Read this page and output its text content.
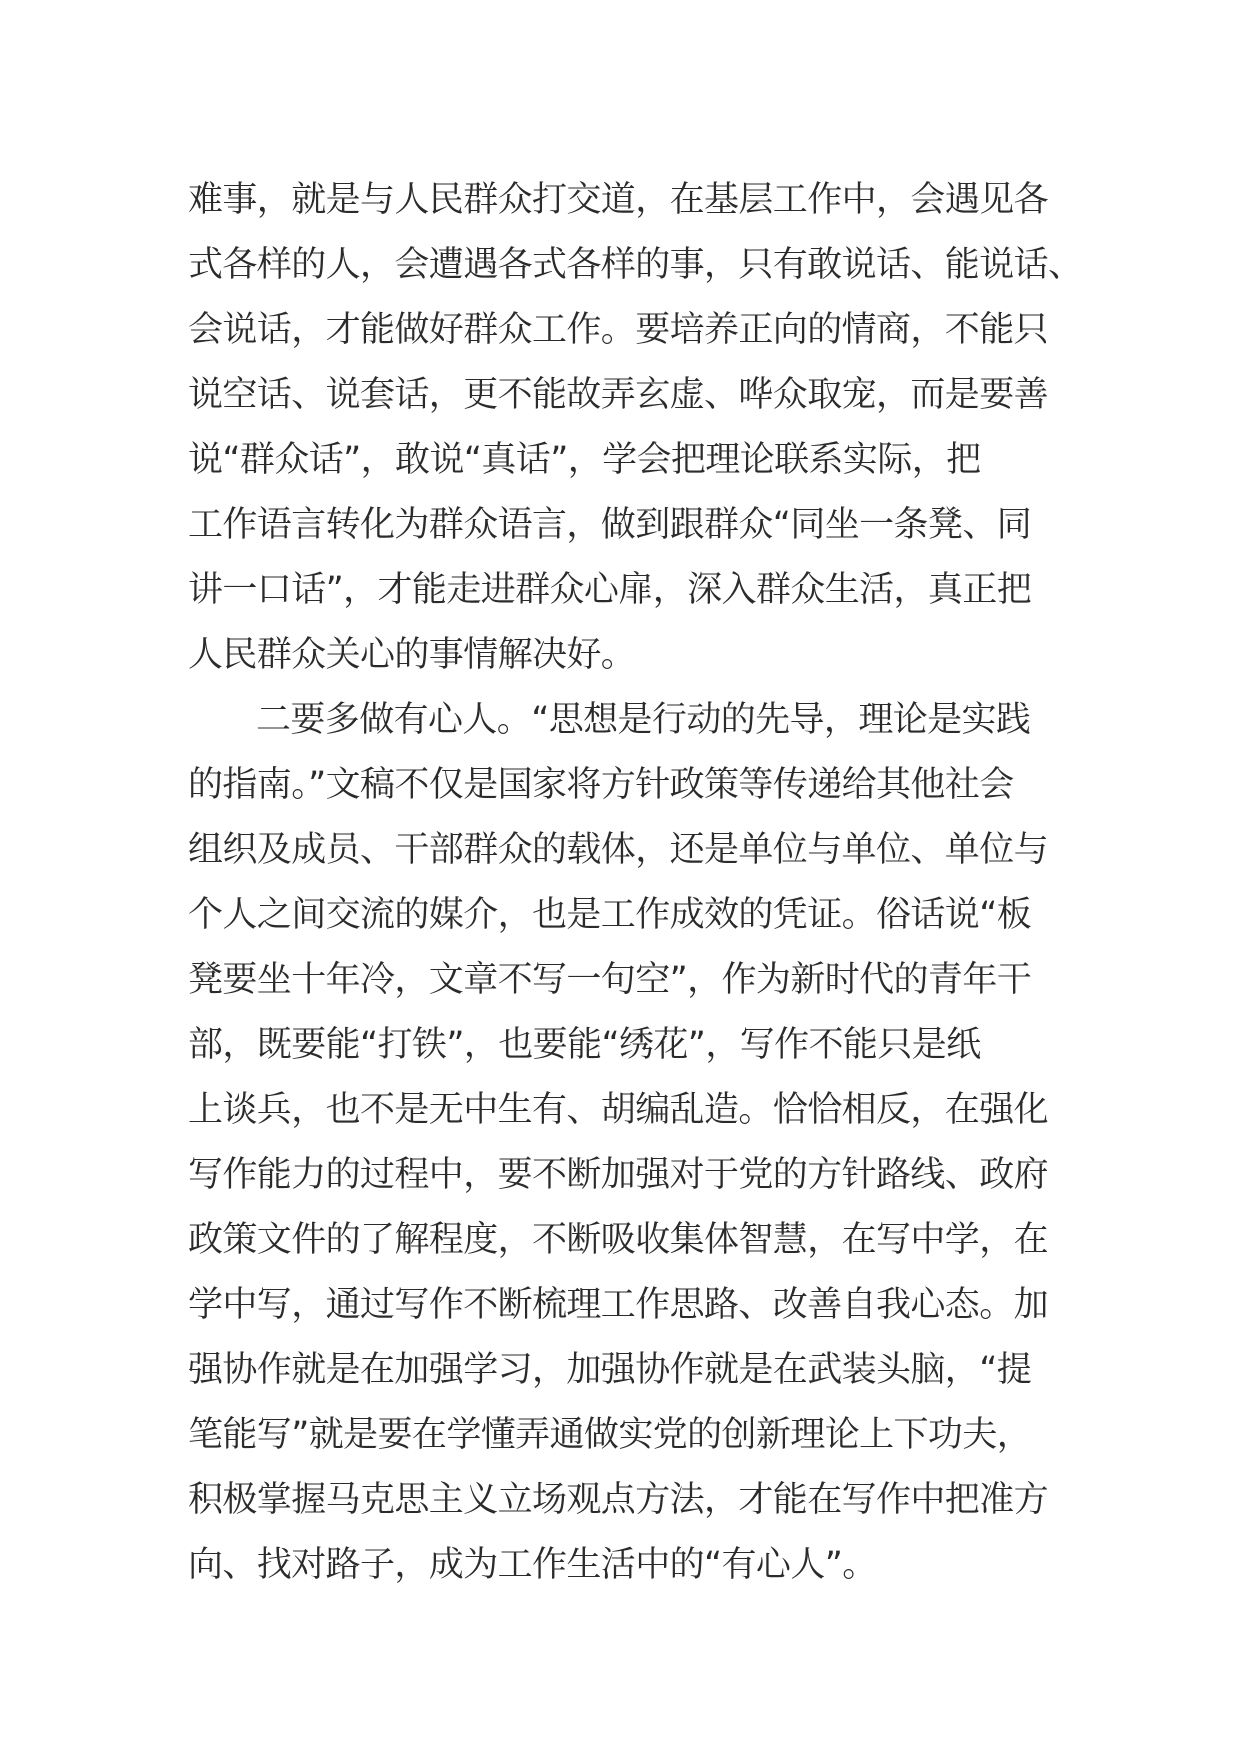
难事，就是与人民群众打交道，在基层工作中，会遇见各
式各样的人，会遭遇各式各样的事，只有敢说话、能说话、
会说话，才能做好群众工作。要培养正向的情商，不能只
说空话、说套话，更不能故弄玄虚、哗众取宠，而是要善
说“群众话”，敢说“真话”，学会把理论联系实际，把
工作语言转化为群众语言，做到跟群众“同坐一条凳、同
讲一口话”，才能走进群众心扉，深入群众生活，真正把
人民群众关心的事情解决好。
二要多做有心人。“思想是行动的先导，理论是实践
的指南。”文稿不仅是国家将方针政策等传递给其他社会
组织及成员、干部群众的载体，还是单位与单位、单位与
个人之间交流的媒介，也是工作成效的凭证。俗话说“板
凳要坐十年冷，文章不写一句空”，作为新时代的青年干
部，既要能“打铁”，也要能“绣花”，写作不能只是纸
上谈兵，也不是无中生有、胡编乱造。恰恰相反，在强化
写作能力的过程中，要不断加强对于党的方针路线、政府
政策文件的了解程度，不断吸收集体智慧，在写中学，在
学中写，通过写作不断梳理工作思路、改善自我心态。加
强协作就是在加强学习，加强协作就是在武装头脑，“提
笔能写”就是要在学懂弄通做实党的创新理论上下功夫，
积极掌握马克思主义立场观点方法，才能在写作中把准方
向、找对路子，成为工作生活中的“有心人”。
